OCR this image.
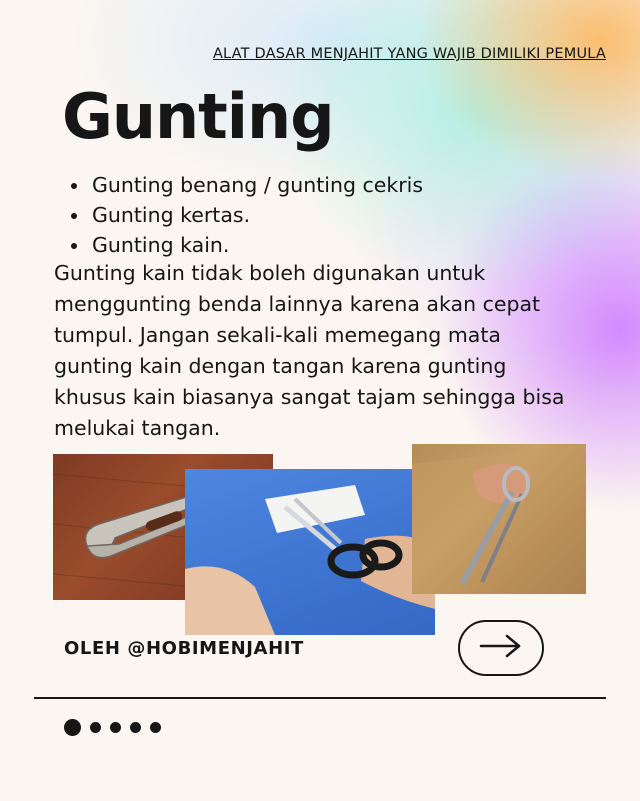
ALAT DASAR MENJAHIT YANG WAJIB DIMILIKI PEMULA
Gunting
• Gunting benang / gunting cekris
• Gunting kertas.
• Gunting kain.

Gunting kain tidak boleh digunakan untuk menggunting benda lainnya karena akan cepat tumpul. Jangan sekali-kali memegang mata gunting kain dengan tangan karena gunting khusus kain biasanya sangat tajam sehingga bisa melukai tangan.

OLEH @HOBIMENJAHIT
